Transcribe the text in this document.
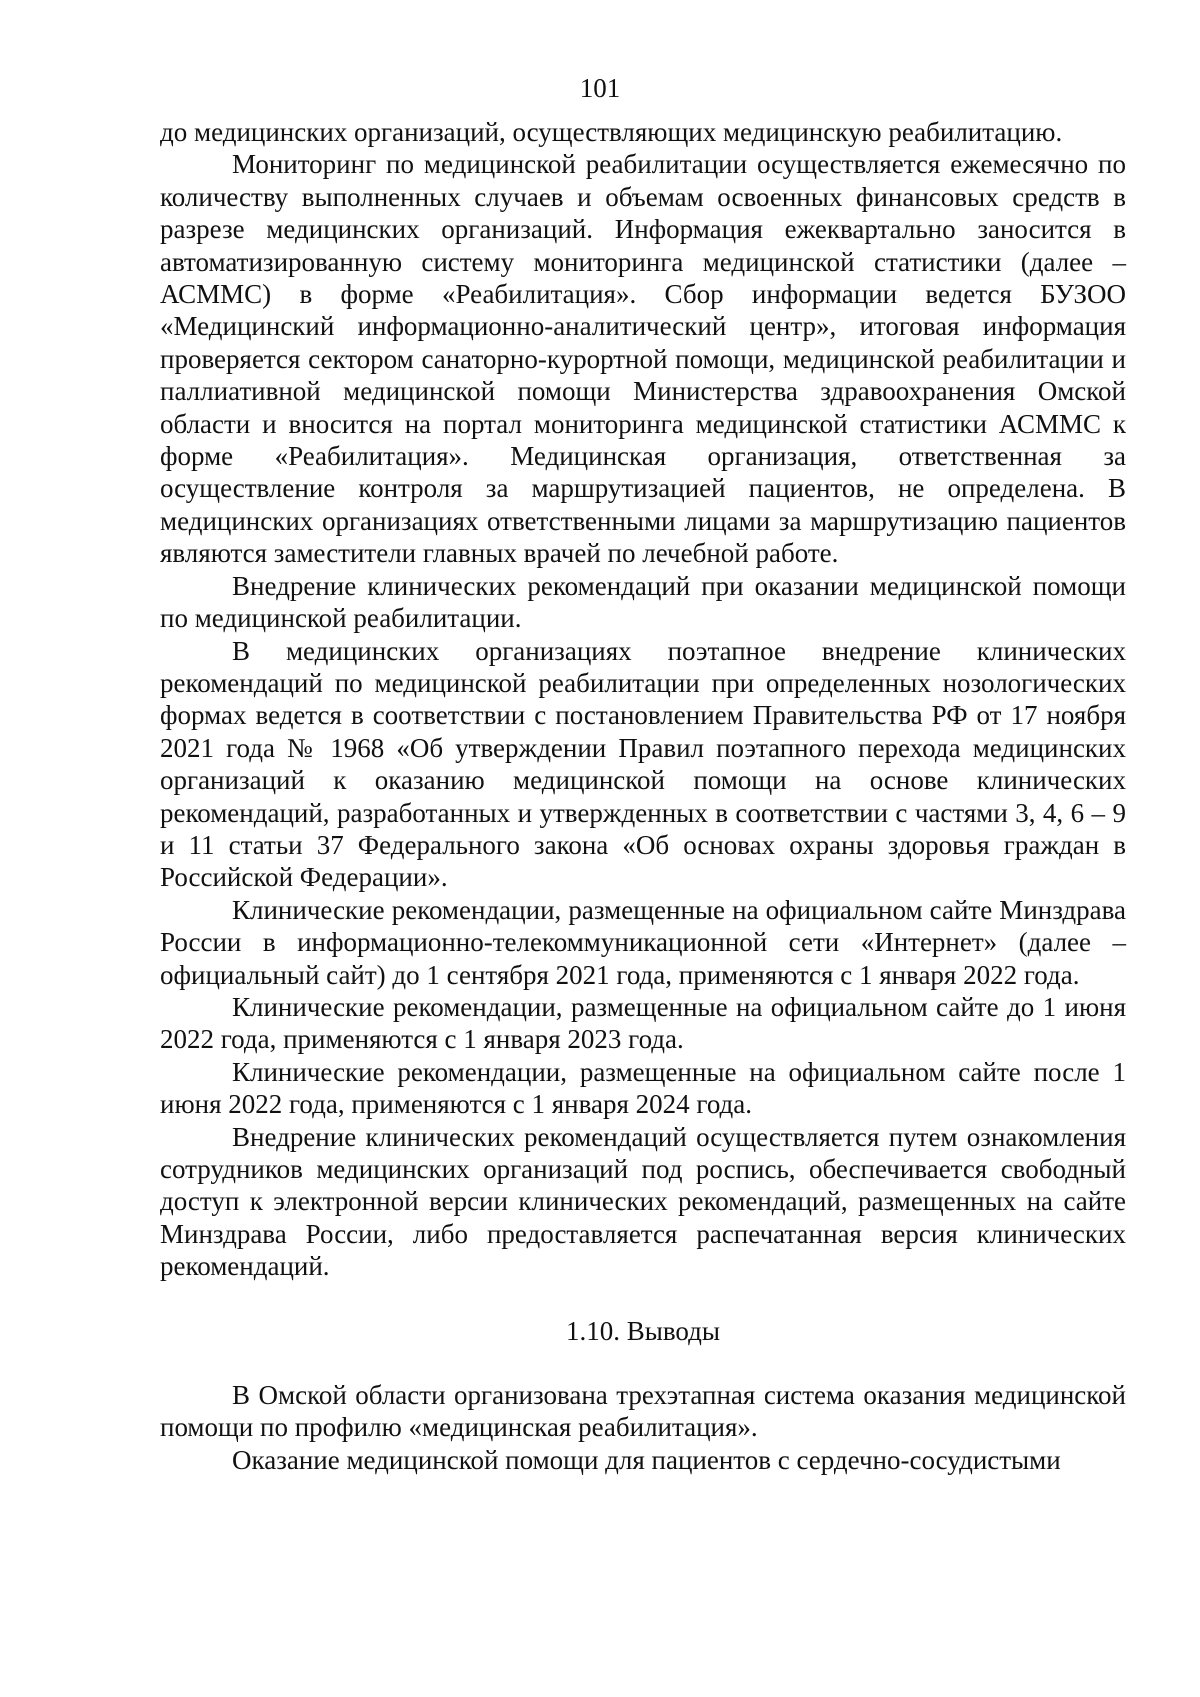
101

до медицинских организаций, осуществляющих медицинскую реабилитацию.

Мониторинг по медицинской реабилитации осуществляется ежемесячно по количеству выполненных случаев и объемам освоенных финансовых средств в разрезе медицинских организаций. Информация ежеквартально заносится в автоматизированную систему мониторинга медицинской статистики (далее – АСММС) в форме «Реабилитация». Сбор информации ведется БУЗОО «Медицинский информационно-аналитический центр», итоговая информация проверяется сектором санаторно-курортной помощи, медицинской реабилитации и паллиативной медицинской помощи Министерства здравоохранения Омской области и вносится на портал мониторинга медицинской статистики АСММС к форме «Реабилитация». Медицинская организация, ответственная за осуществление контроля за маршрутизацией пациентов, не определена. В медицинских организациях ответственными лицами за маршрутизацию пациентов являются заместители главных врачей по лечебной работе.

Внедрение клинических рекомендаций при оказании медицинской помощи по медицинской реабилитации.

В медицинских организациях поэтапное внедрение клинических рекомендаций по медицинской реабилитации при определенных нозологических формах ведется в соответствии с постановлением Правительства РФ от 17 ноября 2021 года № 1968 «Об утверждении Правил поэтапного перехода медицинских организаций к оказанию медицинской помощи на основе клинических рекомендаций, разработанных и утвержденных в соответствии с частями 3, 4, 6 – 9 и 11 статьи 37 Федерального закона «Об основах охраны здоровья граждан в Российской Федерации».

Клинические рекомендации, размещенные на официальном сайте Минздрава России в информационно-телекоммуникационной сети «Интернет» (далее – официальный сайт) до 1 сентября 2021 года, применяются с 1 января 2022 года.

Клинические рекомендации, размещенные на официальном сайте до 1 июня 2022 года, применяются с 1 января 2023 года.

Клинические рекомендации, размещенные на официальном сайте после 1 июня 2022 года, применяются с 1 января 2024 года.

Внедрение клинических рекомендаций осуществляется путем ознакомления сотрудников медицинских организаций под роспись, обеспечивается свободный доступ к электронной версии клинических рекомендаций, размещенных на сайте Минздрава России, либо предоставляется распечатанная версия клинических рекомендаций.

1.10. Выводы

В Омской области организована трехэтапная система оказания медицинской помощи по профилю «медицинская реабилитация».

Оказание медицинской помощи для пациентов с сердечно-сосудистыми
